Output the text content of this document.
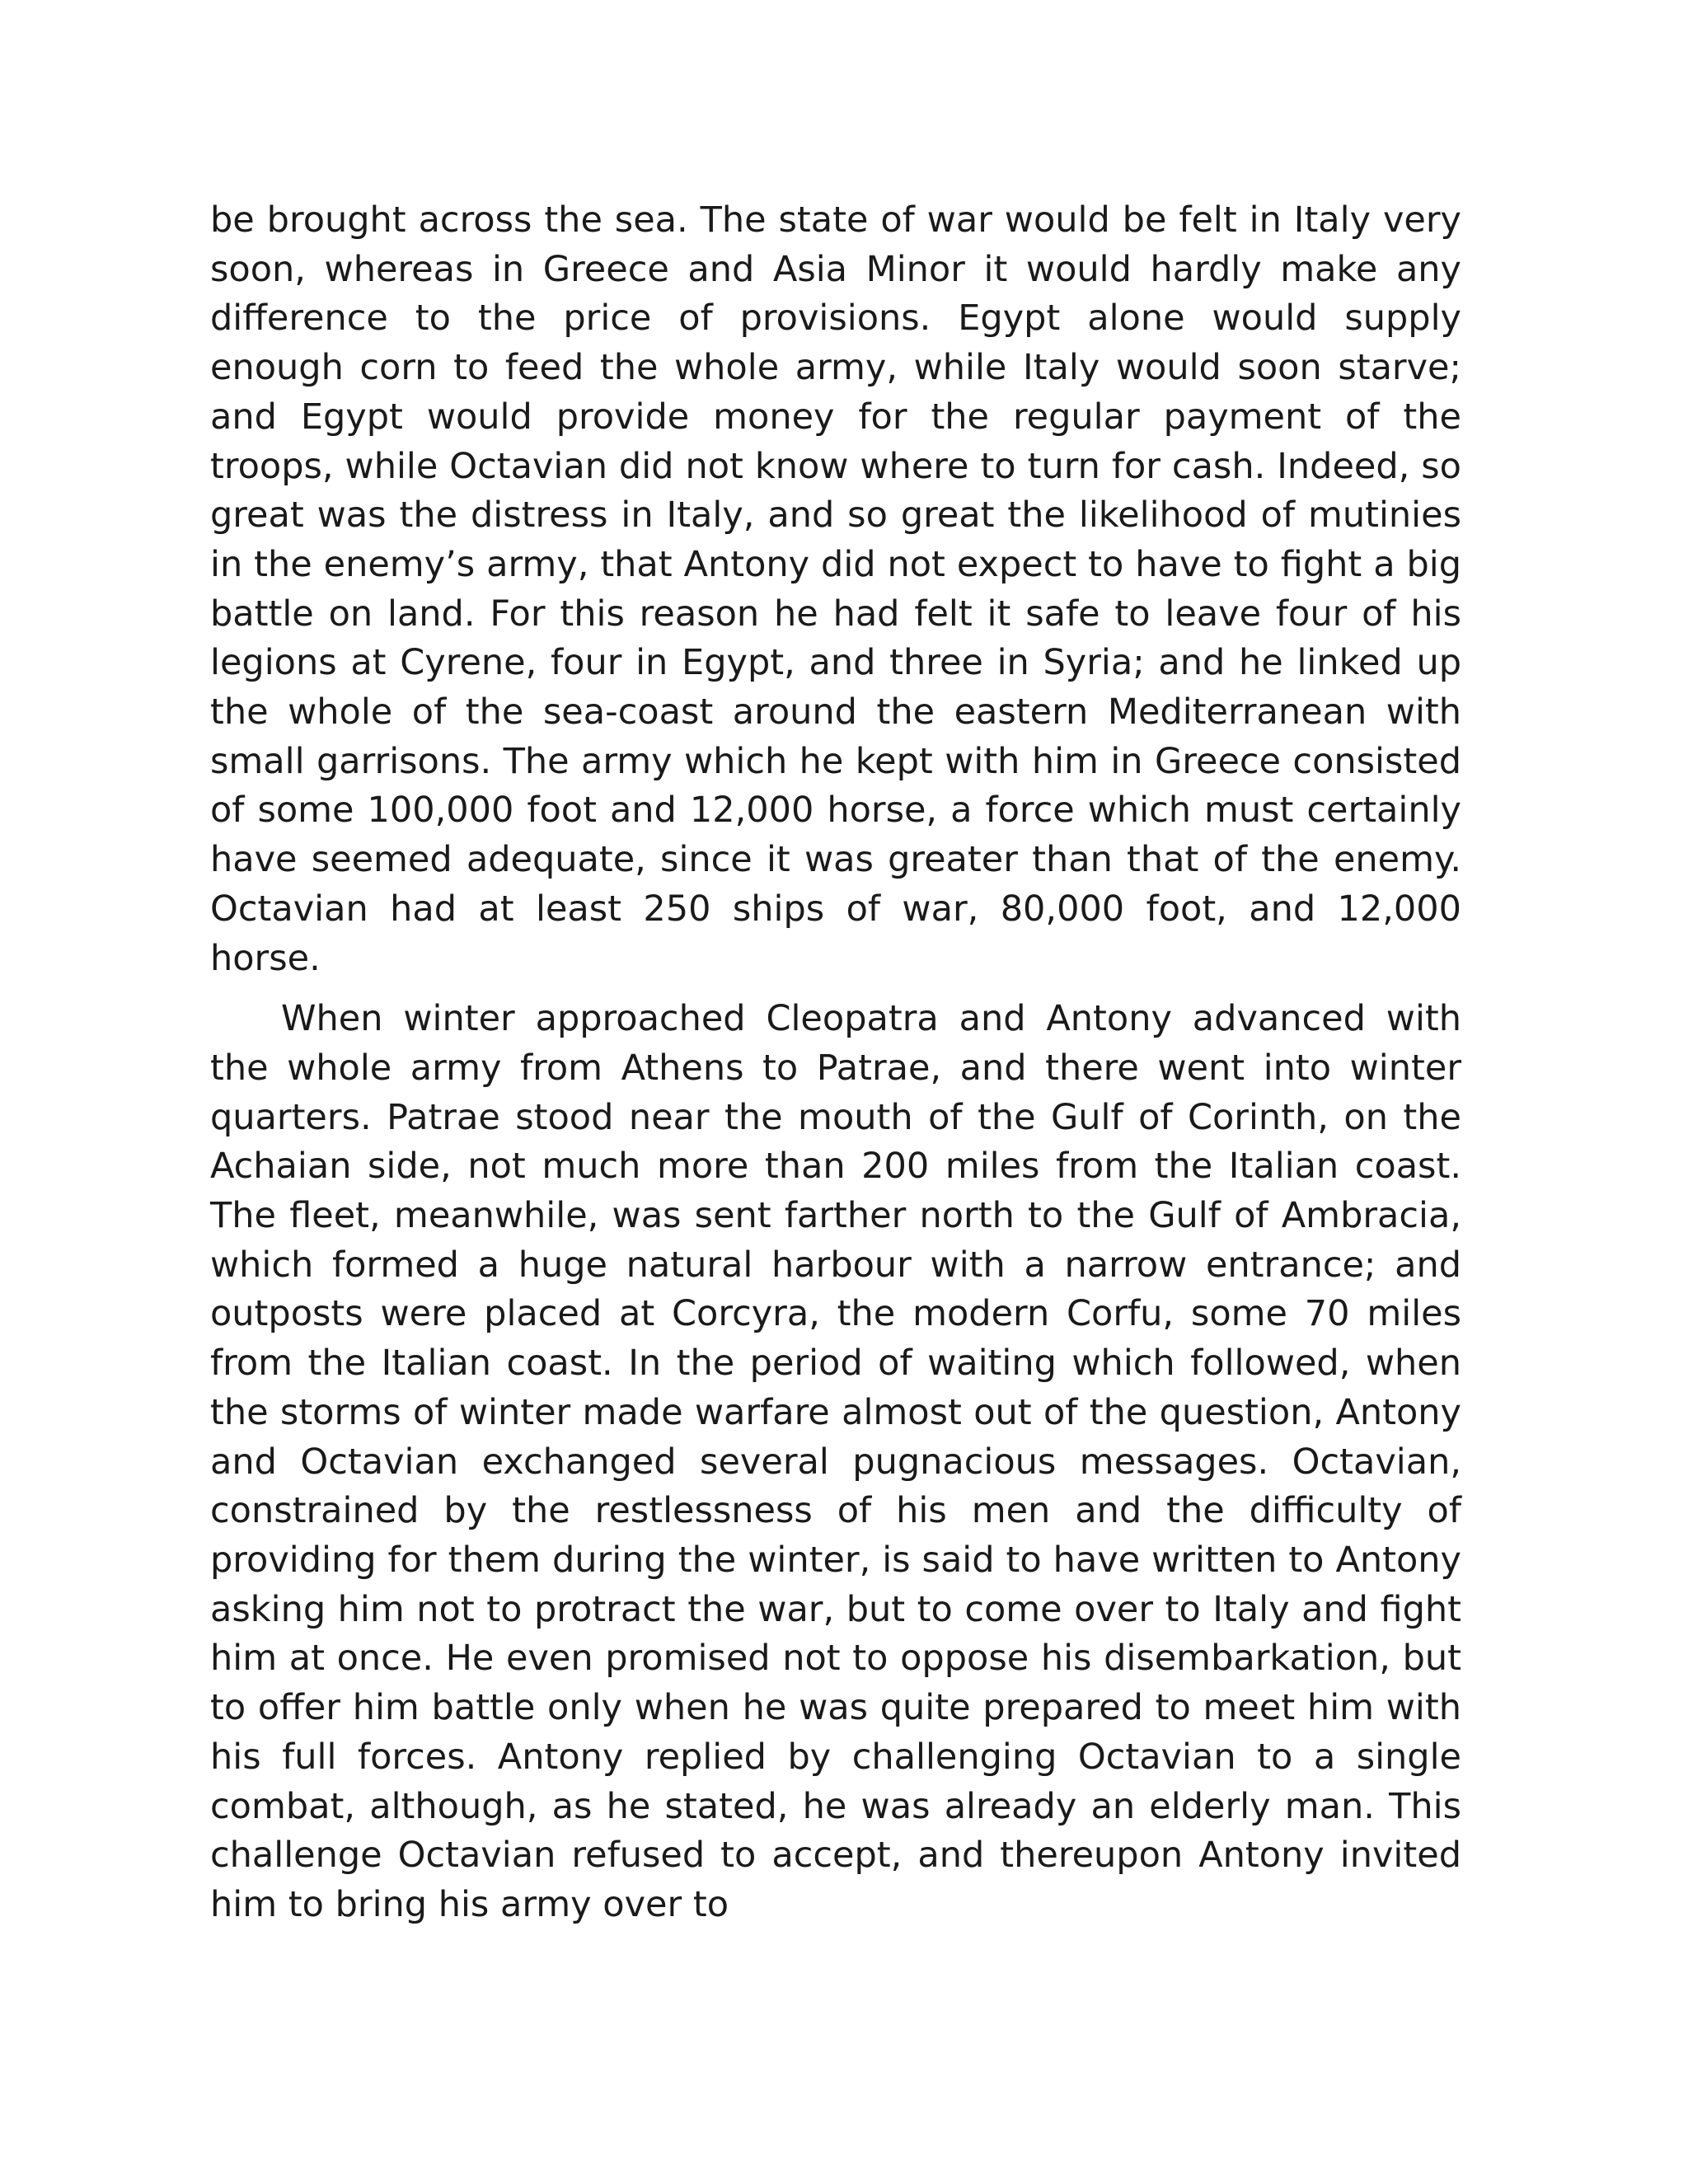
be brought across the sea. The state of war would be felt in Italy very soon, whereas in Greece and Asia Minor it would hardly make any difference to the price of provisions. Egypt alone would supply enough corn to feed the whole army, while Italy would soon starve; and Egypt would provide money for the regular payment of the troops, while Octavian did not know where to turn for cash. Indeed, so great was the distress in Italy, and so great the likelihood of mutinies in the enemy’s army, that Antony did not expect to have to fight a big battle on land. For this reason he had felt it safe to leave four of his legions at Cyrene, four in Egypt, and three in Syria; and he linked up the whole of the sea-coast around the eastern Mediterranean with small garrisons. The army which he kept with him in Greece consisted of some 100,000 foot and 12,000 horse, a force which must certainly have seemed adequate, since it was greater than that of the enemy. Octavian had at least 250 ships of war, 80,000 foot, and 12,000 horse.

When winter approached Cleopatra and Antony advanced with the whole army from Athens to Patrae, and there went into winter quarters. Patrae stood near the mouth of the Gulf of Corinth, on the Achaian side, not much more than 200 miles from the Italian coast. The fleet, meanwhile, was sent farther north to the Gulf of Ambracia, which formed a huge natural harbour with a narrow entrance; and outposts were placed at Corcyra, the modern Corfu, some 70 miles from the Italian coast. In the period of waiting which followed, when the storms of winter made warfare almost out of the question, Antony and Octavian exchanged several pugnacious messages. Octavian, constrained by the restlessness of his men and the difficulty of providing for them during the winter, is said to have written to Antony asking him not to protract the war, but to come over to Italy and fight him at once. He even promised not to oppose his disembarkation, but to offer him battle only when he was quite prepared to meet him with his full forces. Antony replied by challenging Octavian to a single combat, although, as he stated, he was already an elderly man. This challenge Octavian refused to accept, and thereupon Antony invited him to bring his army over to
